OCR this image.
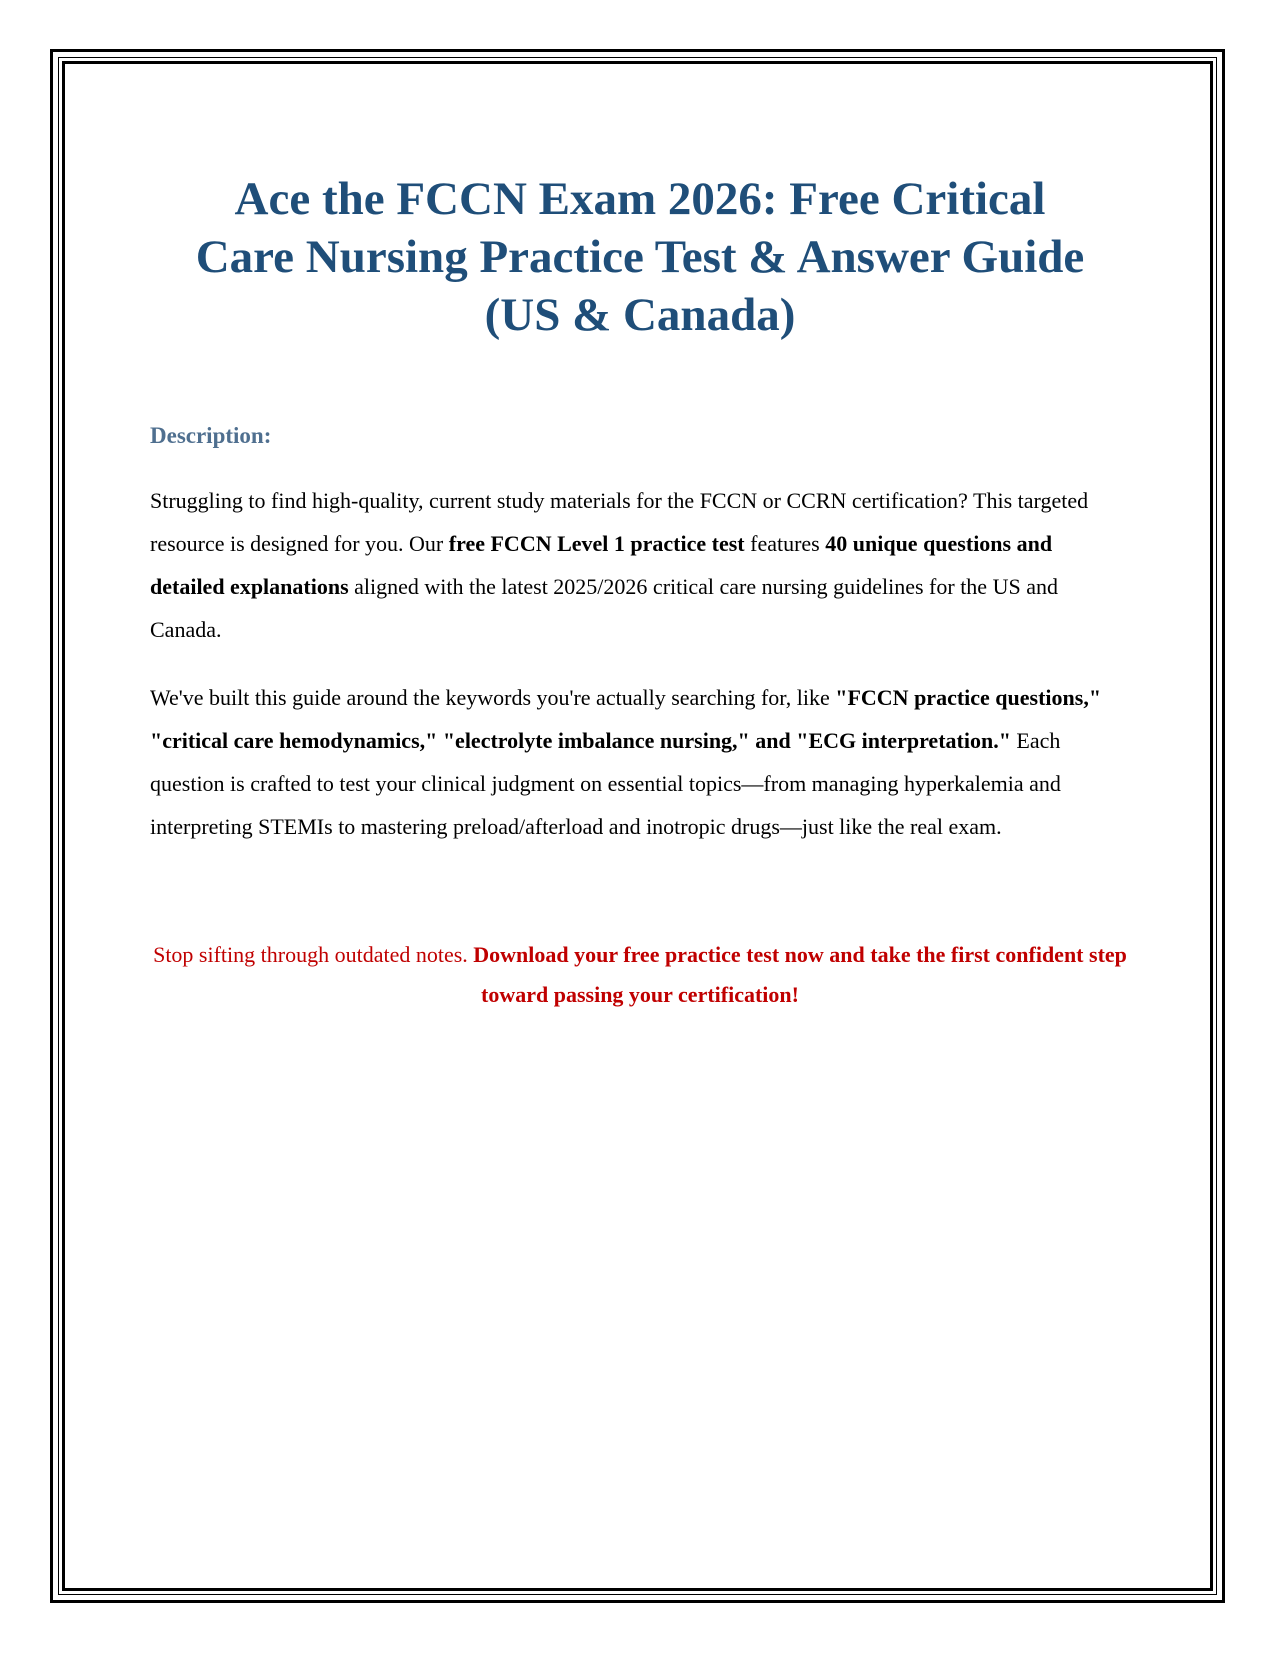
Ace the FCCN Exam 2026: Free Critical
Care Nursing Practice Test & Answer Guide
(US & Canada)
Description:

Struggling to find high-quality, current study materials for the FCCN or CCRN certification? This targeted resource is designed for you. Our free FCCN Level 1 practice test features 40 unique questions and detailed explanations aligned with the latest 2025/2026 critical care nursing guidelines for the US and Canada.

We've built this guide around the keywords you're actually searching for, like "FCCN practice questions," "critical care hemodynamics," "electrolyte imbalance nursing," and "ECG interpretation." Each question is crafted to test your clinical judgment on essential topics—from managing hyperkalemia and interpreting STEMIs to mastering preload/afterload and inotropic drugs—just like the real exam.

Stop sifting through outdated notes. Download your free practice test now and take the first confident step toward passing your certification!
